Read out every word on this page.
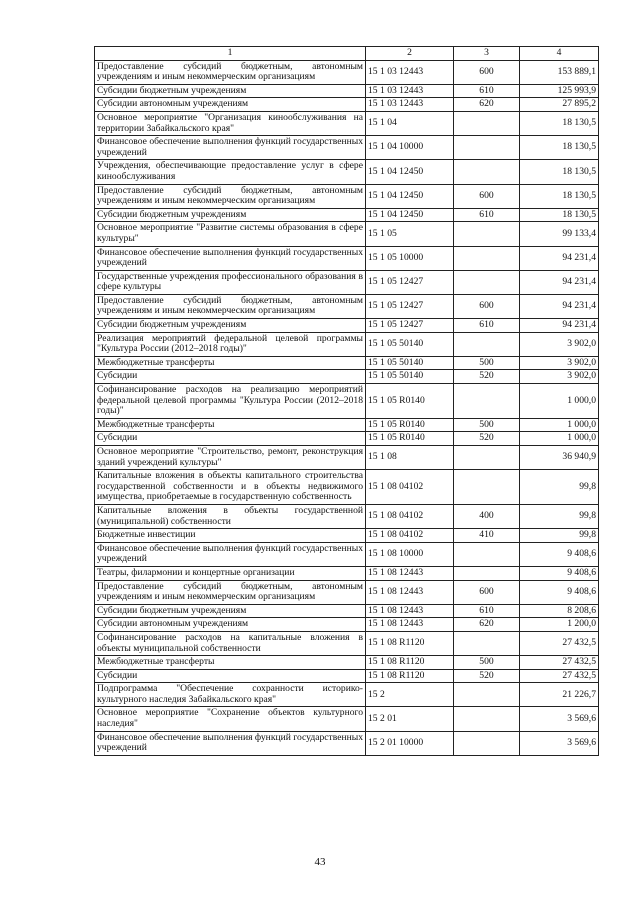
1	2	3	4
Предоставление субсидий бюджетным, автономным учреждениям и иным некоммерческим организациям	15 1 03 12443	600	153 889,1
Субсидии бюджетным учреждениям	15 1 03 12443	610	125 993,9
Субсидии автономным учреждениям	15 1 03 12443	620	27 895,2
Основное мероприятие "Организация кинообслуживания на территории Забайкальского края"	15 1 04		18 130,5
Финансовое обеспечение выполнения функций государственных учреждений	15 1 04 10000		18 130,5
Учреждения, обеспечивающие предоставление услуг в сфере кинообслуживания	15 1 04 12450		18 130,5
Предоставление субсидий бюджетным, автономным учреждениям и иным некоммерческим организациям	15 1 04 12450	600	18 130,5
Субсидии бюджетным учреждениям	15 1 04 12450	610	18 130,5
Основное мероприятие "Развитие системы образования в сфере культуры"	15 1 05		99 133,4
Финансовое обеспечение выполнения функций государственных учреждений	15 1 05 10000		94 231,4
Государственные учреждения профессионального образования в сфере культуры	15 1 05 12427		94 231,4
Предоставление субсидий бюджетным, автономным учреждениям и иным некоммерческим организациям	15 1 05 12427	600	94 231,4
Субсидии бюджетным учреждениям	15 1 05 12427	610	94 231,4
Реализация мероприятий федеральной целевой программы "Культура России (2012–2018 годы)"	15 1 05 50140		3 902,0
Межбюджетные трансферты	15 1 05 50140	500	3 902,0
Субсидии	15 1 05 50140	520	3 902,0
Софинансирование расходов на реализацию мероприятий федеральной целевой программы "Культура России (2012–2018 годы)"	15 1 05 R0140		1 000,0
Межбюджетные трансферты	15 1 05 R0140	500	1 000,0
Субсидии	15 1 05 R0140	520	1 000,0
Основное мероприятие "Строительство, ремонт, реконструкция зданий учреждений культуры"	15 1 08		36 940,9
Капитальные вложения в объекты капитального строительства государственной собственности и в объекты недвижимого имущества, приобретаемые в государственную собственность	15 1 08 04102		99,8
Капитальные вложения в объекты государственной (муниципальной) собственности	15 1 08 04102	400	99,8
Бюджетные инвестиции	15 1 08 04102	410	99,8
Финансовое обеспечение выполнения функций государственных учреждений	15 1 08 10000		9 408,6
Театры, филармонии и концертные организации	15 1 08 12443		9 408,6
Предоставление субсидий бюджетным, автономным учреждениям и иным некоммерческим организациям	15 1 08 12443	600	9 408,6
Субсидии бюджетным учреждениям	15 1 08 12443	610	8 208,6
Субсидии автономным учреждениям	15 1 08 12443	620	1 200,0
Софинансирование расходов на капитальные вложения в объекты муниципальной собственности	15 1 08 R1120		27 432,5
Межбюджетные трансферты	15 1 08 R1120	500	27 432,5
Субсидии	15 1 08 R1120	520	27 432,5
Подпрограмма "Обеспечение сохранности историко-культурного наследия Забайкальского края"	15 2		21 226,7
Основное мероприятие "Сохранение объектов культурного наследия"	15 2 01		3 569,6
Финансовое обеспечение выполнения функций государственных учреждений	15 2 01 10000		3 569,6
43
